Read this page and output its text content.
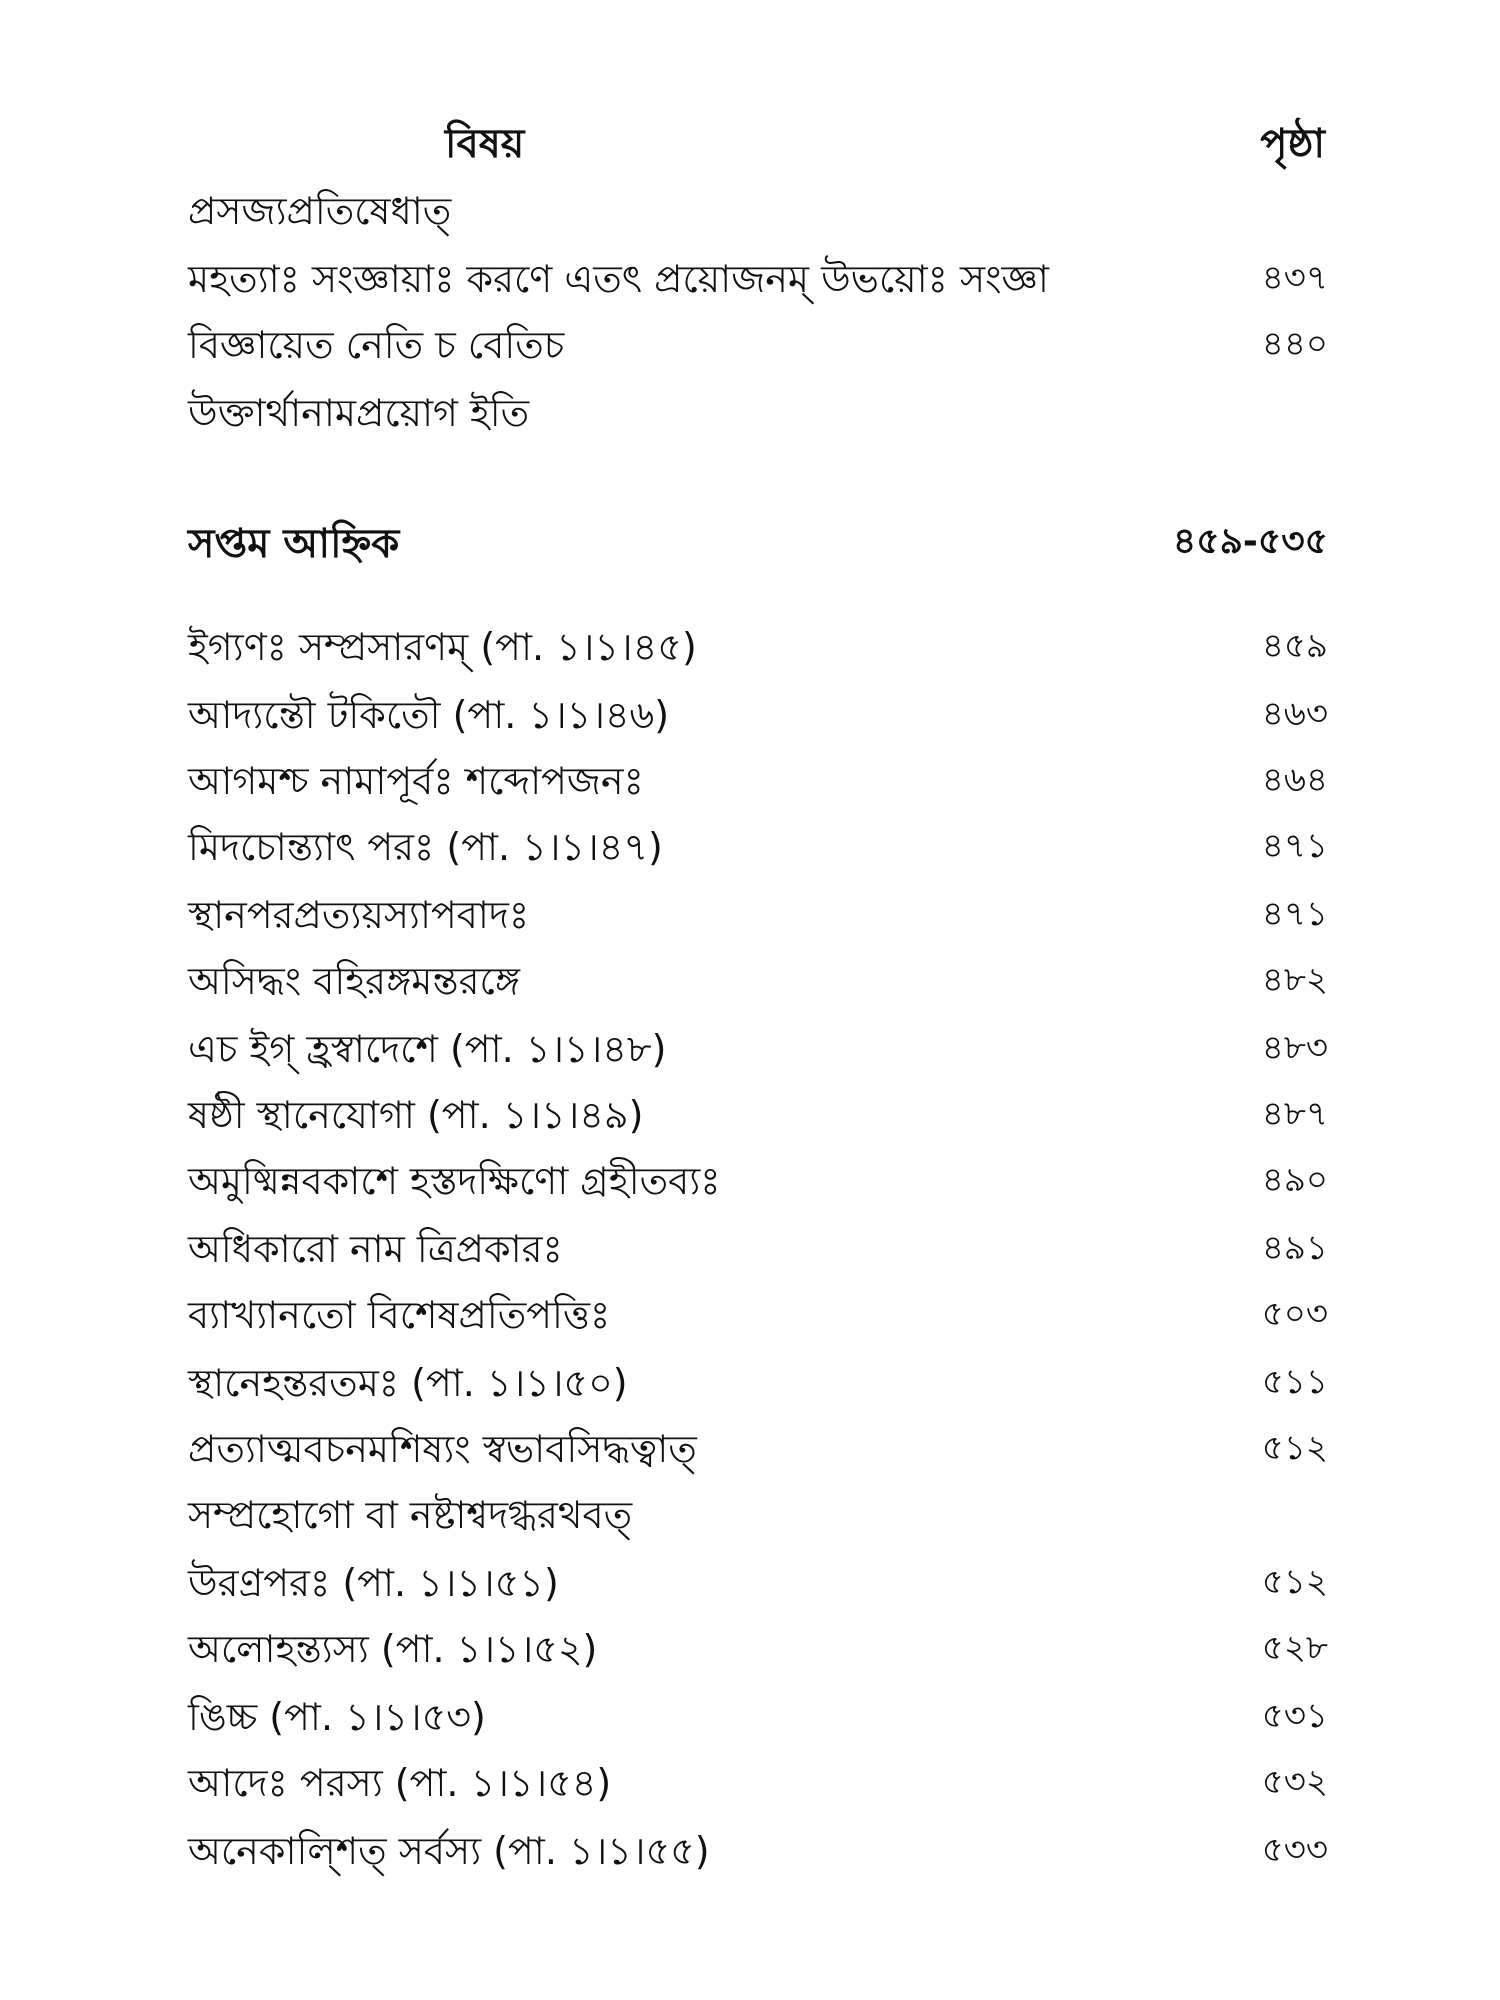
বিষয়	পৃষ্ঠা
প্রসজ্যপ্রতিষেধাত্
মহত্যাঃ সংজ্ঞায়াঃ করণে এতৎ প্রয়োজনম্ উভয়োঃ সংজ্ঞা	৪৩৭
বিজ্ঞায়েত নেতি চ বেতিচ	৪৪০
উক্তার্থানামপ্রয়োগ ইতি
সপ্তম আহ্নিক	৪৫৯-৫৩৫
ইগ্যণঃ সম্প্রসারণম্ (পা. ১।১।৪৫)	৪৫৯
আদ্যন্তৌ টকিতৌ (পা. ১।১।৪৬)	৪৬৩
আগমশ্চ নামাপূর্বঃ শব্দোপজনঃ	৪৬৪
মিদচোন্ত্যাৎ পরঃ (পা. ১।১।৪৭)	৪৭১
স্থানপরপ্রত্যয়স্যাপবাদঃ	৪৭১
অসিদ্ধং বহিরঙ্গমন্তরঙ্গে	৪৮২
এচ ইগ্ হ্রস্বাদেশে (পা. ১।১।৪৮)	৪৮৩
ষষ্ঠী স্থানেযোগা (পা. ১।১।৪৯)	৪৮৭
অমুষ্মিন্নবকাশে হস্তদক্ষিণো গ্রহীতব্যঃ	৪৯০
অধিকারো নাম ত্রিপ্রকারঃ	৪৯১
ব্যাখ্যানতো বিশেষপ্রতিপত্তিঃ	৫০৩
স্থানেহন্তরতমঃ (পা. ১।১।৫০)	৫১১
প্রত্যাত্মবচনমশিষ্যং স্বভাবসিদ্ধত্বাত্	৫১২
সম্প্রহোগো বা নষ্টাশ্বদগ্ধরথবত্
উরণ্রপরঃ (পা. ১।১।৫১)	৫১২
অলোহন্ত্যস্য (পা. ১।১।৫২)	৫২৮
ঙিচ্চ (পা. ১।১।৫৩)	৫৩১
আদেঃ পরস্য (পা. ১।১।৫৪)	৫৩২
অনেকাল্শিত্ সর্বস্য (পা. ১।১।৫৫)	৫৩৩
